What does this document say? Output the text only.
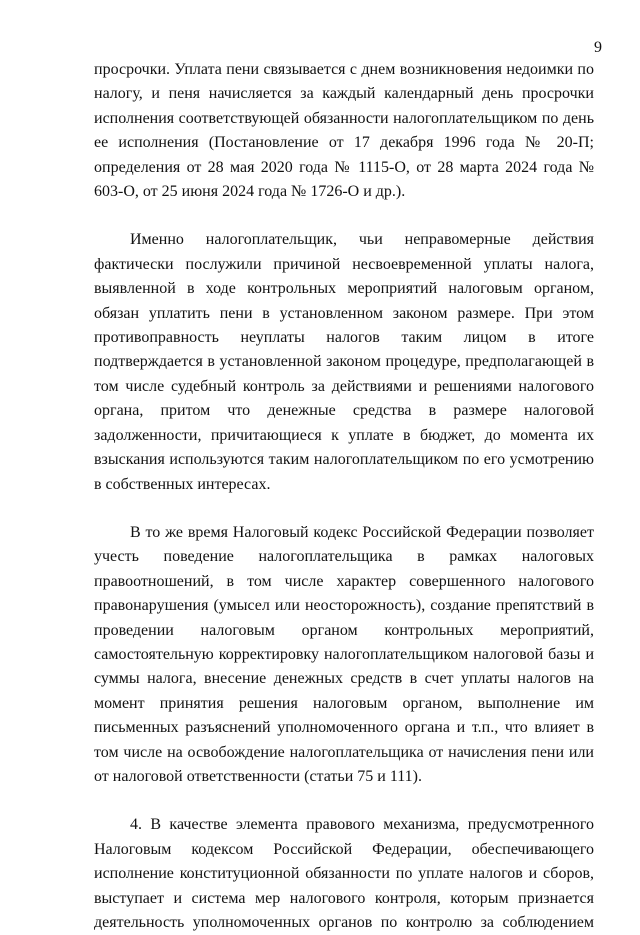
9

просрочки. Уплата пени связывается с днем возникновения недоимки по налогу, и пеня начисляется за каждый календарный день просрочки исполнения соответствующей обязанности налогоплательщиком по день ее исполнения (Постановление от 17 декабря 1996 года № 20-П; определения от 28 мая 2020 года № 1115-О, от 28 марта 2024 года № 603-О, от 25 июня 2024 года № 1726-О и др.).

Именно налогоплательщик, чьи неправомерные действия фактически послужили причиной несвоевременной уплаты налога, выявленной в ходе контрольных мероприятий налоговым органом, обязан уплатить пени в установленном законом размере. При этом противоправность неуплаты налогов таким лицом в итоге подтверждается в установленной законом процедуре, предполагающей в том числе судебный контроль за действиями и решениями налогового органа, притом что денежные средства в размере налоговой задолженности, причитающиеся к уплате в бюджет, до момента их взыскания используются таким налогоплательщиком по его усмотрению в собственных интересах.

В то же время Налоговый кодекс Российской Федерации позволяет учесть поведение налогоплательщика в рамках налоговых правоотношений, в том числе характер совершенного налогового правонарушения (умысел или неосторожность), создание препятствий в проведении налоговым органом контрольных мероприятий, самостоятельную корректировку налогоплательщиком налоговой базы и суммы налога, внесение денежных средств в счет уплаты налогов на момент принятия решения налоговым органом, выполнение им письменных разъяснений уполномоченного органа и т.п., что влияет в том числе на освобождение налогоплательщика от начисления пени или от налоговой ответственности (статьи 75 и 111).

4. В качестве элемента правового механизма, предусмотренного Налоговым кодексом Российской Федерации, обеспечивающего исполнение конституционной обязанности по уплате налогов и сборов, выступает и система мер налогового контроля, которым признается деятельность уполномоченных органов по контролю за соблюдением
